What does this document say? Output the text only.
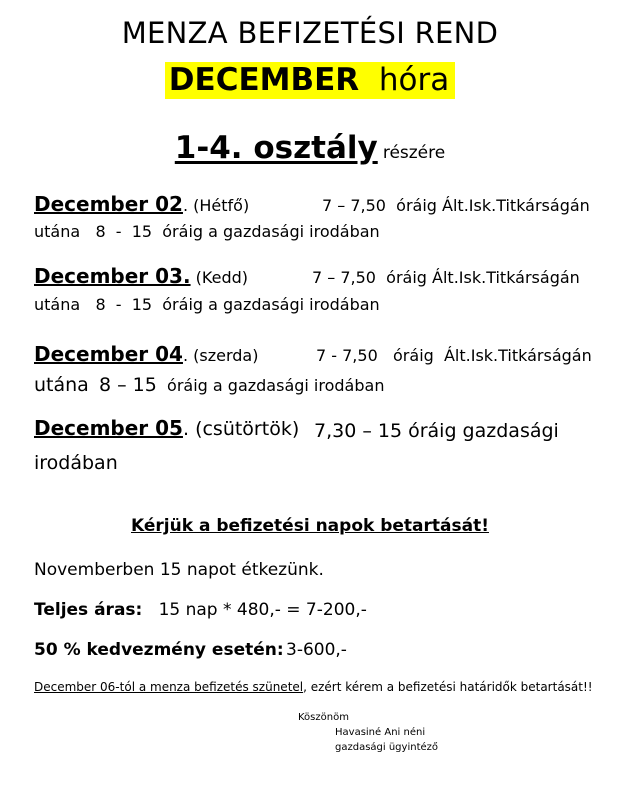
MENZA BEFIZETÉSI REND
DECEMBER hóra
1-4. osztály részére
December 02. (Hétfő)	7 – 7,50 óráig Ált.Isk.Titkárságán
utána 8  -  15 óráig a gazdasági irodában
December 03. (Kedd)	7 – 7,50 óráig Ált.Isk.Titkárságán
utána 8  -  15 óráig a gazdasági irodában
December 04. (szerda)	7 - 7,50 óráig Ált.Isk.Titkárságán
utána 8 – 15 óráig a gazdasági irodában
December 05. (csütörtök) 7,30 – 15 óráig gazdasági
irodában
Kérjük a befizetési napok betartását!
Novemberben 15 napot étkezünk.
Teljes áras: 15 nap * 480,- = 7-200,-
50 % kedvezmény esetén: 3-600,-
December 06-tól a menza befizetés szünetel, ezért kérem a befizetési határidők betartását!!
Köszönöm
Havasiné Ani néni
gazdasági ügyintéző
